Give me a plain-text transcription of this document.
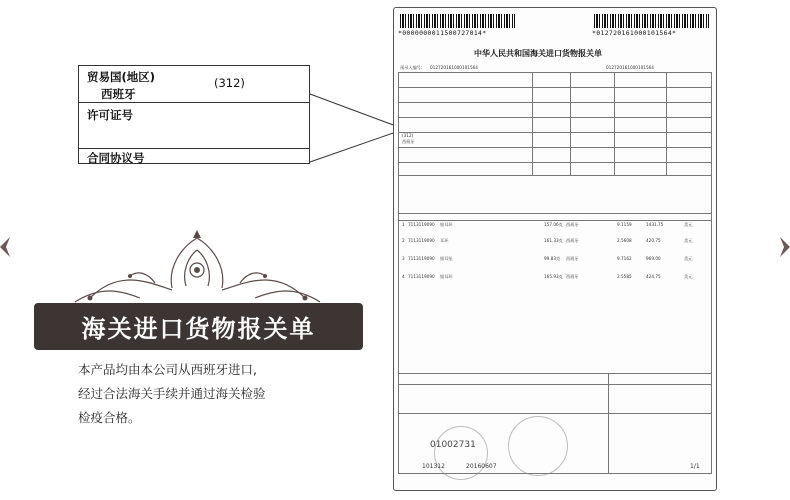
贸易国(地区)	(312)
西班牙
许可证号
合同协议号
海关进口货物报关单
本产品均由本公司从西班牙进口,
经过合法海关手续并通过海关检验
检疫合格。
*0000000011500727014*	*012720161000101564*
中华人民共和国海关进口货物报关单
预录入编号: 012720161000101564	012720161000101564
(312)
西班牙
1 7113119090 银耳环	157.06克 西班牙	9.1159	1431.75	美元
2 7113119090 耳环	161.33克 西班牙	2.5608	420.75	美元
3 7113119090 银耳坠	99.83克 西班牙	9.7162	969.00	美元
4 7113119090 银耳环	165.93克 西班牙	2.5585	424.75	美元
01002731
101312	20160607	1/1
